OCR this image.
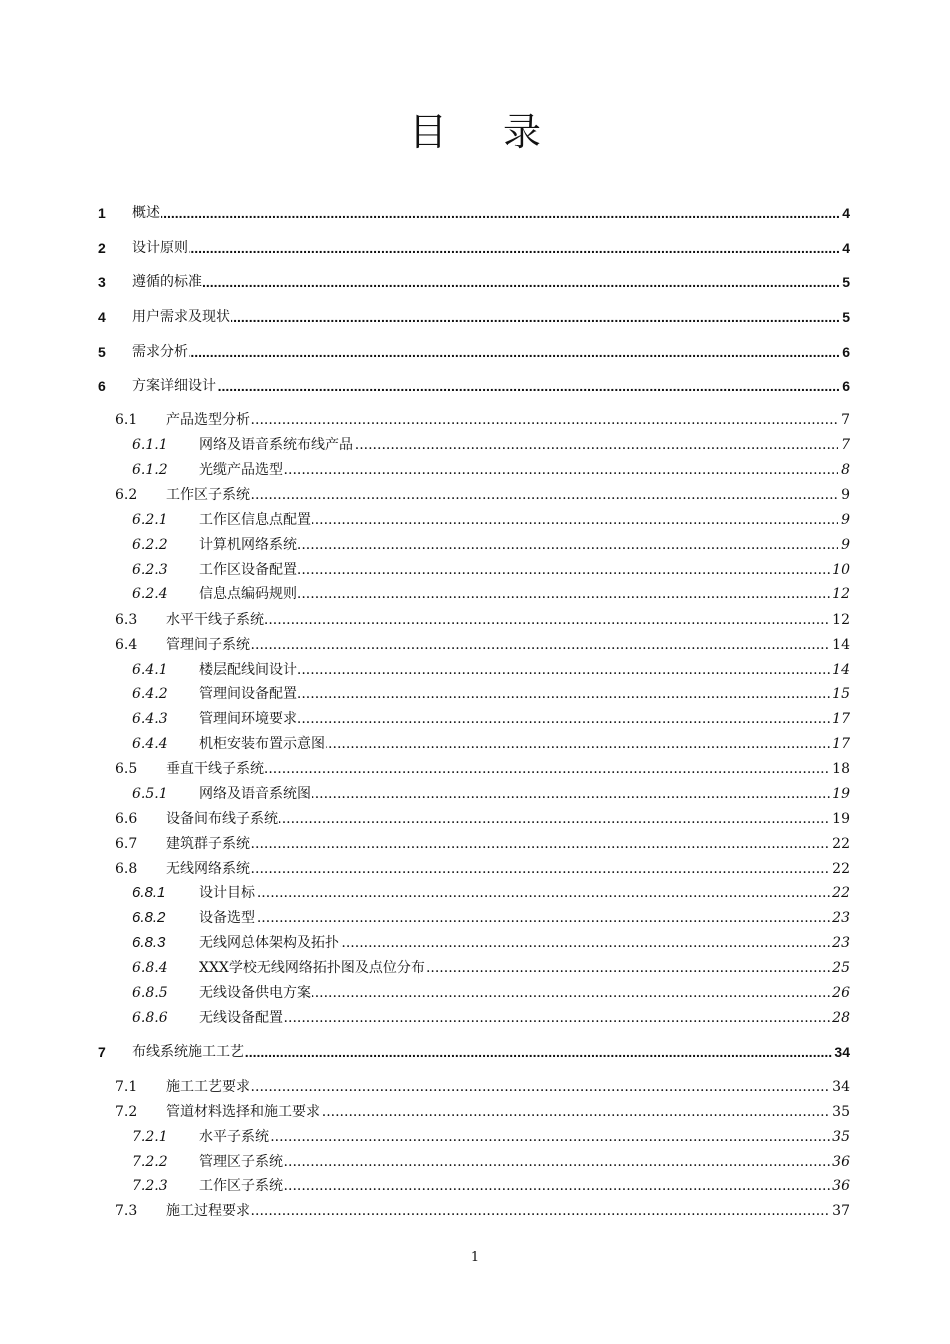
目 录
1 ..... 概述	4
2 ..... 设计原则	4
3 ..... 遵循的标准	5
4 ..... 用户需求及现状	5
5 ..... 需求分析	6
6 ..... 方案详细设计	6
6.1 ..... 产品选型分析	7
6.1.1 ..... 网络及语音系统布线产品	7
6.1.2 ..... 光缆产品选型	8
6.2 ..... 工作区子系统	9
6.2.1 ..... 工作区信息点配置	9
6.2.2 ..... 计算机网络系统	9
6.2.3 ..... 工作区设备配置	10
6.2.4 ..... 信息点编码规则	12
6.3 ..... 水平干线子系统	12
6.4 ..... 管理间子系统	14
6.4.1 ..... 楼层配线间设计	14
6.4.2 ..... 管理间设备配置	15
6.4.3 ..... 管理间环境要求	17
6.4.4 ..... 机柜安装布置示意图	17
6.5 ..... 垂直干线子系统	18
6.5.1 ..... 网络及语音系统图	19
6.6 ..... 设备间布线子系统	19
6.7 ..... 建筑群子系统	22
6.8 ..... 无线网络系统	22
6.8.1 ..... 设计目标	22
6.8.2 ..... 设备选型	23
6.8.3 ..... 无线网总体架构及拓扑	23
6.8.4 ..... XXX学校无线网络拓扑图及点位分布	25
6.8.5 ..... 无线设备供电方案	26
6.8.6 ..... 无线设备配置	28
7 ..... 布线系统施工工艺	34
7.1 ..... 施工工艺要求	34
7.2 ..... 管道材料选择和施工要求	35
7.2.1 ..... 水平子系统	35
7.2.2 ..... 管理区子系统	36
7.2.3 ..... 工作区子系统	36
7.3 ..... 施工过程要求	37
1
